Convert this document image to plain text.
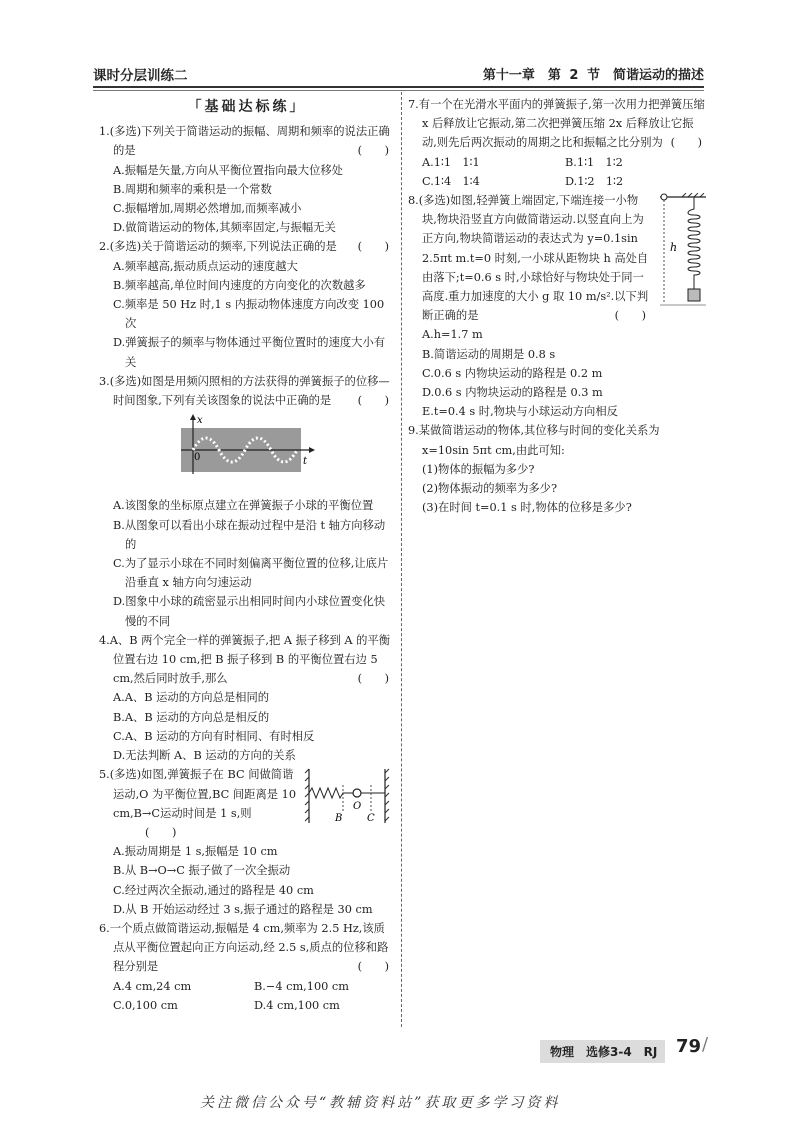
课时分层训练二	第十一章　第 2 节　简谐运动的描述
「基础达标练」
1.(多选)下列关于简谐运动的振幅、周期和频率的说法正确的是	(　　)
A.振幅是矢量,方向从平衡位置指向最大位移处
B.周期和频率的乘积是一个常数
C.振幅增加,周期必然增加,而频率减小
D.做简谐运动的物体,其频率固定,与振幅无关
2.(多选)关于简谐运动的频率,下列说法正确的是 (　　)
A.频率越高,振动质点运动的速度越大
B.频率越高,单位时间内速度的方向变化的次数越多
C.频率是 50 Hz 时,1 s 内振动物体速度方向改变 100 次
D.弹簧振子的频率与物体通过平衡位置时的速度大小有关
3.(多选)如图是用频闪照相的方法获得的弹簧振子的位移—时间图象,下列有关该图象的说法中正确的是 (　　)
x
0	t
A.该图象的坐标原点建立在弹簧振子小球的平衡位置
B.从图象可以看出小球在振动过程中是沿 t 轴方向移动的
C.为了显示小球在不同时刻偏离平衡位置的位移,让底片沿垂直 x 轴方向匀速运动
D.图象中小球的疏密显示出相同时间内小球位置变化快慢的不同
4.A、B 两个完全一样的弹簧振子,把 A 振子移到 A 的平衡位置右边 10 cm,把 B 振子移到 B 的平衡位置右边 5 cm,然后同时放手,那么	(　　)
A.A、B 运动的方向总是相同的
B.A、B 运动的方向总是相反的
C.A、B 运动的方向有时相同、有时相反
D.无法判断 A、B 运动的方向的关系
O
B C
5.(多选)如图,弹簧振子在 BC 间做简谐运动,O 为平衡位置,BC 间距离是 10 cm,B→C运动时间是 1 s,则(　　)
A.振动周期是 1 s,振幅是 10 cm
B.从 B→O→C 振子做了一次全振动
C.经过两次全振动,通过的路程是 40 cm
D.从 B 开始运动经过 3 s,振子通过的路程是 30 cm
6.一个质点做简谐运动,振幅是 4 cm,频率为 2.5 Hz,该质点从平衡位置起向正方向运动,经 2.5 s,质点的位移和路程分别是	(　　)
A.4 cm,24 cm	B.−4 cm,100 cm
C.0,100 cm	D.4 cm,100 cm
7.有一个在光滑水平面内的弹簧振子,第一次用力把弹簧压缩 x 后释放让它振动,第二次把弹簧压缩 2x 后释放让它振动,则先后两次振动的周期之比和振幅之比分别为 (　　)
A.1∶1　1∶1	B.1∶1　1∶2
C.1∶4　1∶4	D.1∶2　1∶2
h
8.(多选)如图,轻弹簧上端固定,下端连接一小物块,物块沿竖直方向做简谐运动.以竖直向上为正方向,物块简谐运动的表达式为 y=0.1sin 2.5πt m.t=0 时刻,一小球从距物块 h 高处自由落下;t=0.6 s 时,小球恰好与物块处于同一高度.重力加速度的大小 g 取 10 m/s².以下判断正确的是	(　　)
A.h=1.7 m
B.简谐运动的周期是 0.8 s
C.0.6 s 内物块运动的路程是 0.2 m
D.0.6 s 内物块运动的路程是 0.3 m
E.t=0.4 s 时,物块与小球运动方向相反
9.某做简谐运动的物体,其位移与时间的变化关系为 x=10sin 5πt cm,由此可知:
(1)物体的振幅为多少?
(2)物体振动的频率为多少?
(3)在时间 t=0.1 s 时,物体的位移是多少?
物理　选修3-4　RJ	79 /
关注微信公众号“教辅资料站”获取更多学习资料
